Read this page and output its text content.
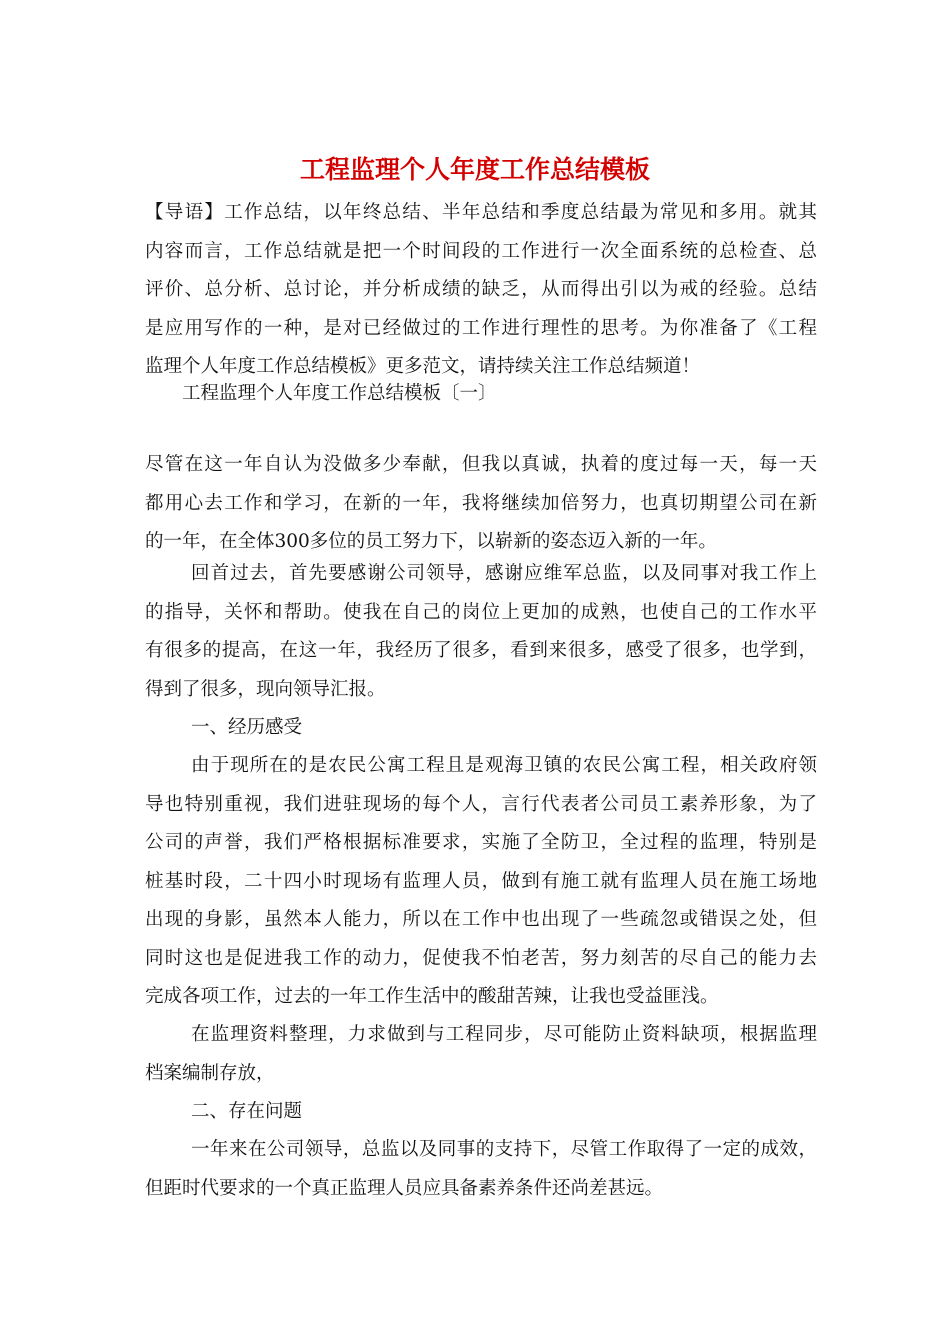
工程监理个人年度工作总结模板
【导语】工作总结，以年终总结、半年总结和季度总结最为常见和多用。就其
内容而言，工作总结就是把一个时间段的工作进行一次全面系统的总检查、总
评价、总分析、总讨论，并分析成绩的缺乏，从而得出引以为戒的经验。总结
是应用写作的一种，是对已经做过的工作进行理性的思考。为你准备了《工程
监理个人年度工作总结模板》更多范文，请持续关注工作总结频道！
工程监理个人年度工作总结模板〔一〕
尽管在这一年自认为没做多少奉献，但我以真诚，执着的度过每一天，每一天
都用心去工作和学习，在新的一年，我将继续加倍努力，也真切期望公司在新
的一年，在全体300多位的员工努力下，以崭新的姿态迈入新的一年。
回首过去，首先要感谢公司领导，感谢应维军总监，以及同事对我工作上
的指导，关怀和帮助。使我在自己的岗位上更加的成熟，也使自己的工作水平
有很多的提高，在这一年，我经历了很多，看到来很多，感受了很多，也学到，
得到了很多，现向领导汇报。
一、经历感受
由于现所在的是农民公寓工程且是观海卫镇的农民公寓工程，相关政府领
导也特别重视，我们进驻现场的每个人，言行代表者公司员工素养形象，为了
公司的声誉，我们严格根据标准要求，实施了全防卫，全过程的监理，特别是
桩基时段，二十四小时现场有监理人员，做到有施工就有监理人员在施工场地
出现的身影，虽然本人能力，所以在工作中也出现了一些疏忽或错误之处，但
同时这也是促进我工作的动力，促使我不怕老苦，努力刻苦的尽自己的能力去
完成各项工作，过去的一年工作生活中的酸甜苦辣，让我也受益匪浅。
在监理资料整理，力求做到与工程同步，尽可能防止资料缺项，根据监理
档案编制存放，
二、存在问题
一年来在公司领导，总监以及同事的支持下，尽管工作取得了一定的成效，
但距时代要求的一个真正监理人员应具备素养条件还尚差甚远。
